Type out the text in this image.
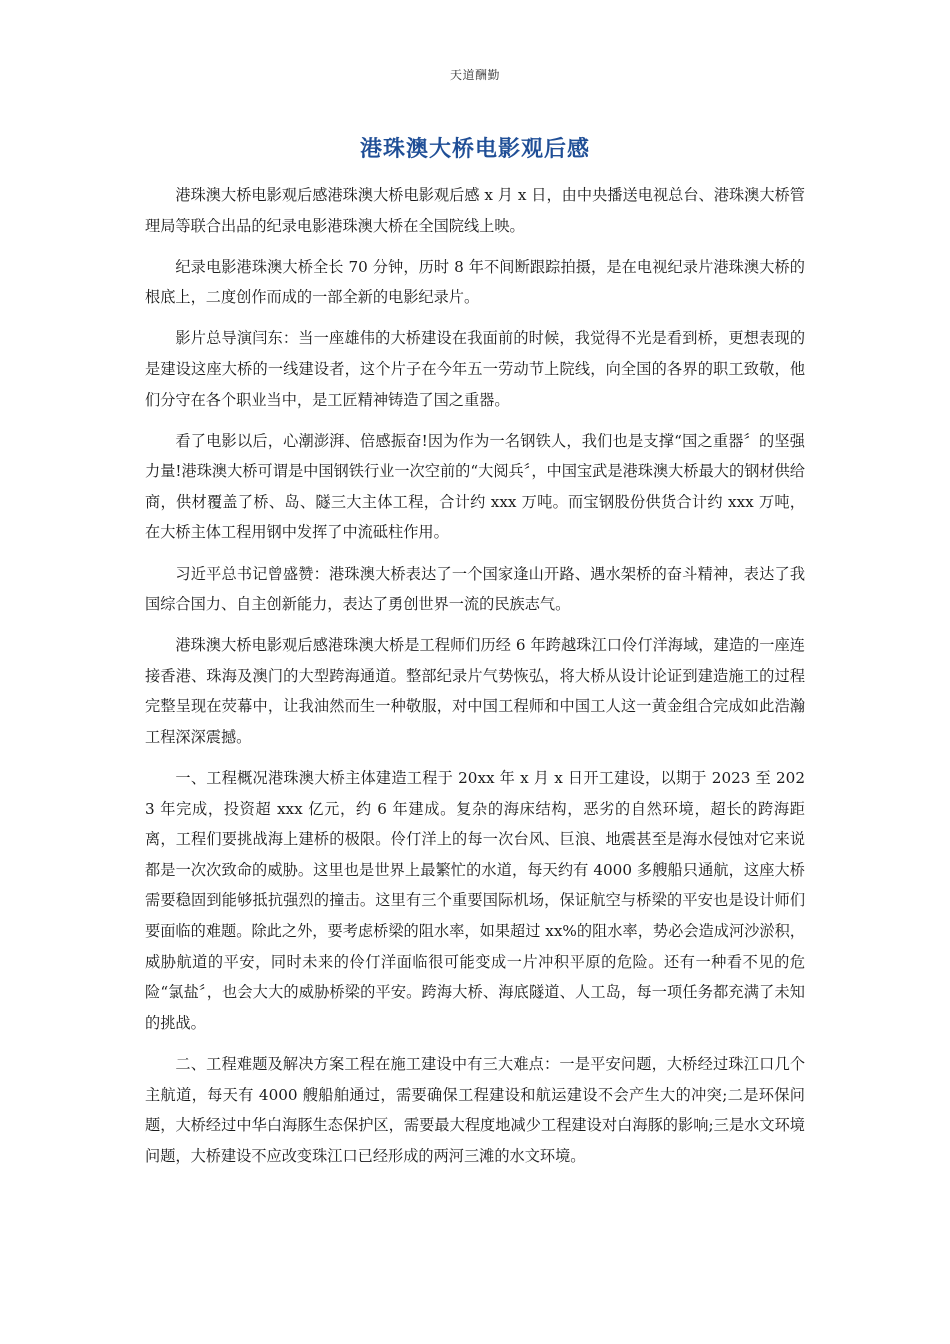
天道酬勤
港珠澳大桥电影观后感

港珠澳大桥电影观后感港珠澳大桥电影观后感 x 月 x 日，由中央播送电视总台、港珠澳大桥管理局等联合出品的纪录电影港珠澳大桥在全国院线上映。

纪录电影港珠澳大桥全长 70 分钟，历时 8 年不间断跟踪拍摄，是在电视纪录片港珠澳大桥的根底上，二度创作而成的一部全新的电影纪录片。

影片总导演闫东：当一座雄伟的大桥建设在我面前的时候，我觉得不光是看到桥，更想表现的是建设这座大桥的一线建设者，这个片子在今年五一劳动节上院线，向全国的各界的职工致敬，他们分守在各个职业当中，是工匠精神铸造了国之重器。

看了电影以后，心潮澎湃、倍感振奋!因为作为一名钢铁人，我们也是支撑“国之重器〞的坚强力量!港珠澳大桥可谓是中国钢铁行业一次空前的“大阅兵〞，中国宝武是港珠澳大桥最大的钢材供给商，供材覆盖了桥、岛、隧三大主体工程，合计约 xxx 万吨。而宝钢股份供货合计约 xxx 万吨，在大桥主体工程用钢中发挥了中流砥柱作用。

习近平总书记曾盛赞：港珠澳大桥表达了一个国家逢山开路、遇水架桥的奋斗精神，表达了我国综合国力、自主创新能力，表达了勇创世界一流的民族志气。

港珠澳大桥电影观后感港珠澳大桥是工程师们历经 6 年跨越珠江口伶仃洋海域，建造的一座连接香港、珠海及澳门的大型跨海通道。整部纪录片气势恢弘，将大桥从设计论证到建造施工的过程完整呈现在荧幕中，让我油然而生一种敬服，对中国工程师和中国工人这一黄金组合完成如此浩瀚工程深深震撼。

一、工程概况港珠澳大桥主体建造工程于 20xx 年 x 月 x 日开工建设，以期于 2023 至 2023 年完成，投资超 xxx 亿元，约 6 年建成。复杂的海床结构，恶劣的自然环境，超长的跨海距离，工程们要挑战海上建桥的极限。伶仃洋上的每一次台风、巨浪、地震甚至是海水侵蚀对它来说都是一次次致命的威胁。这里也是世界上最繁忙的水道，每天约有 4000 多艘船只通航，这座大桥需要稳固到能够抵抗强烈的撞击。这里有三个重要国际机场，保证航空与桥梁的平安也是设计师们要面临的难题。除此之外，要考虑桥梁的阻水率，如果超过 xx%的阻水率，势必会造成河沙淤积，威胁航道的平安，同时未来的伶仃洋面临很可能变成一片冲积平原的危险。还有一种看不见的危险“氯盐〞，也会大大的威胁桥梁的平安。跨海大桥、海底隧道、人工岛，每一项任务都充满了未知的挑战。

二、工程难题及解决方案工程在施工建设中有三大难点：一是平安问题，大桥经过珠江口几个主航道，每天有 4000 艘船舶通过，需要确保工程建设和航运建设不会产生大的冲突;二是环保问题，大桥经过中华白海豚生态保护区，需要最大程度地减少工程建设对白海豚的影响;三是水文环境问题，大桥建设不应改变珠江口已经形成的两河三滩的水文环境。
